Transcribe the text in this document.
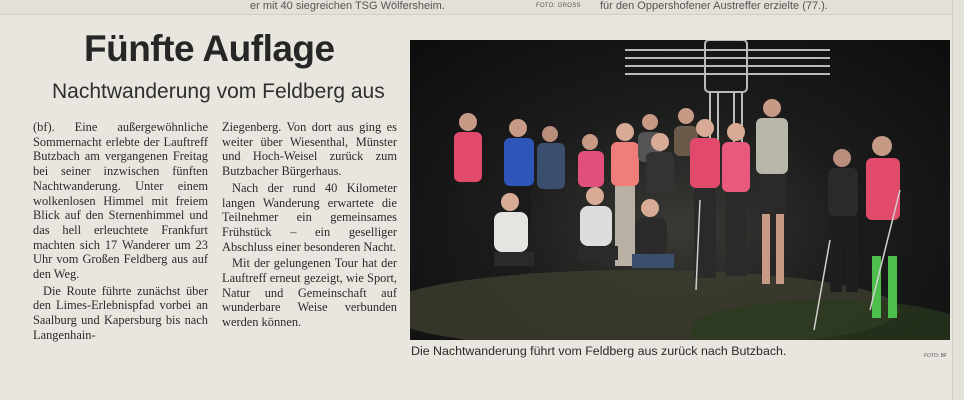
er mit 40 siegreichen TSG Wölfersheim.	FOTO: GROSS für den Oppershofener Austreffer erzielte (77.).
Fünfte Auflage
Nachtwanderung vom Feldberg aus

(bf). Eine außergewöhnliche Sommernacht erlebte der Lauftreff Butzbach am vergangenen Freitag bei seiner inzwischen fünften Nachtwanderung. Unter einem wolkenlosen Himmel mit freiem Blick auf den Sternenhimmel und das hell erleuchtete Frankfurt machten sich 17 Wanderer um 23 Uhr vom Großen Feldberg aus auf den Weg.

Die Route führte zunächst über den Limes-Erlebnispfad vorbei an Saalburg und Kapersburg bis nach Langenhain-

Ziegenberg. Von dort aus ging es weiter über Wiesenthal, Münster und Hoch-Weisel zurück zum Butzbacher Bürgerhaus.

Nach der rund 40 Kilometer langen Wanderung erwartete die Teilnehmer ein gemeinsames Frühstück – ein geselliger Abschluss einer besonderen Nacht.

Mit der gelungenen Tour hat der Lauftreff erneut gezeigt, wie Sport, Natur und Gemeinschaft auf wunderbare Weise verbunden werden können.

Die Nachtwanderung führt vom Feldberg aus zurück nach Butzbach.	FOTO: BF
